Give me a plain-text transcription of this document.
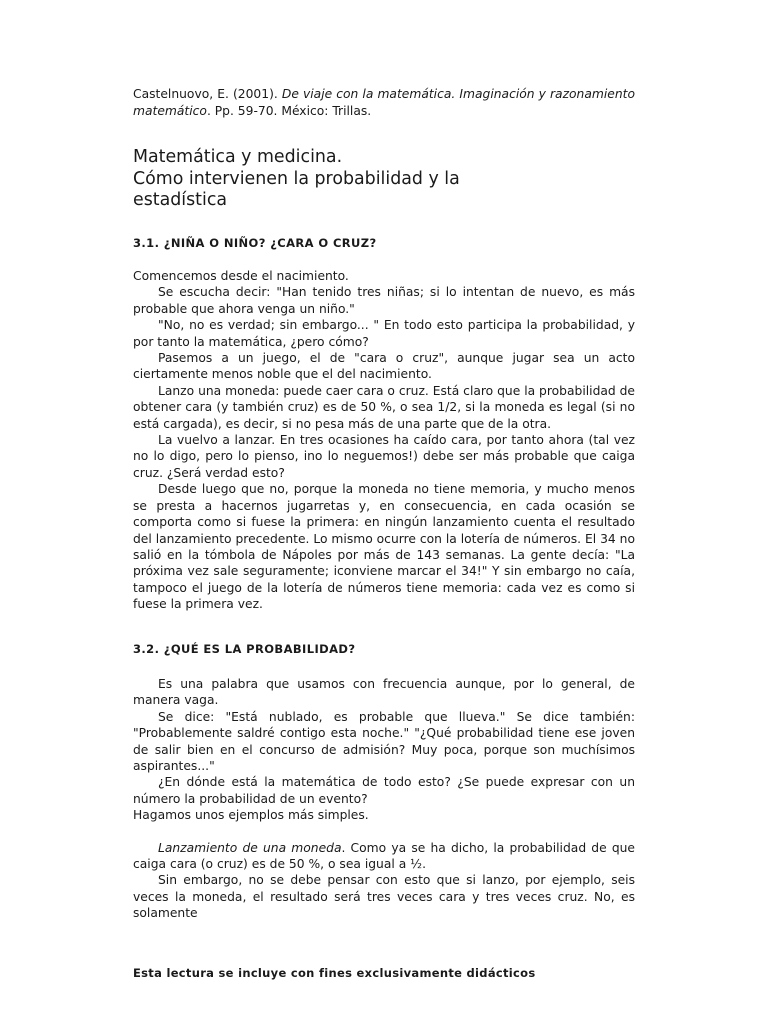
Castelnuovo, E. (2001). De viaje con la matemática. Imaginación y razonamiento matemático. Pp. 59-70. México: Trillas.
Matemática y medicina.
Cómo intervienen la probabilidad y la
estadística
3.1. ¿NIÑA O NIÑO? ¿CARA O CRUZ?

Comencemos desde el nacimiento.

Se escucha decir: "Han tenido tres niñas; si lo intentan de nuevo, es más probable que ahora venga un niño."

"No, no es verdad; sin embargo... " En todo esto participa la probabilidad, y por tanto la matemática, ¿pero cómo?

Pasemos a un juego, el de "cara o cruz", aunque jugar sea un acto ciertamente menos noble que el del nacimiento.

Lanzo una moneda: puede caer cara o cruz. Está claro que la probabilidad de obtener cara (y también cruz) es de 50 %, o sea 1/2, si la moneda es legal (si no está cargada), es decir, si no pesa más de una parte que de la otra.

La vuelvo a lanzar. En tres ocasiones ha caído cara, por tanto ahora (tal vez no lo digo, pero lo pienso, ino lo neguemos!) debe ser más probable que caiga cruz. ¿Será verdad esto?

Desde luego que no, porque la moneda no tiene memoria, y mucho menos se presta a hacernos jugarretas y, en consecuencia, en cada ocasión se comporta como si fuese la primera: en ningún lanzamiento cuenta el resultado del lanzamiento precedente. Lo mismo ocurre con la lotería de números. El 34 no salió en la tómbola de Nápoles por más de 143 semanas. La gente decía: "La próxima vez sale seguramente; iconviene marcar el 34!" Y sin embargo no caía, tampoco el juego de la lotería de números tiene memoria: cada vez es como si fuese la primera vez.

3.2. ¿QUÉ ES LA PROBABILIDAD?

Es una palabra que usamos con frecuencia aunque, por lo general, de manera vaga.

Se dice: "Está nublado, es probable que llueva." Se dice también: "Probablemente saldré contigo esta noche." "¿Qué probabilidad tiene ese joven de salir bien en el concurso de admisión? Muy poca, porque son muchísimos aspirantes..."

¿En dónde está la matemática de todo esto? ¿Se puede expresar con un número la probabilidad de un evento?

Hagamos unos ejemplos más simples.

Lanzamiento de una moneda. Como ya se ha dicho, la probabilidad de que caiga cara (o cruz) es de 50 %, o sea igual a ½.

Sin embargo, no se debe pensar con esto que si lanzo, por ejemplo, seis veces la moneda, el resultado será tres veces cara y tres veces cruz. No, es solamente

Esta lectura se incluye con fines exclusivamente didácticos
